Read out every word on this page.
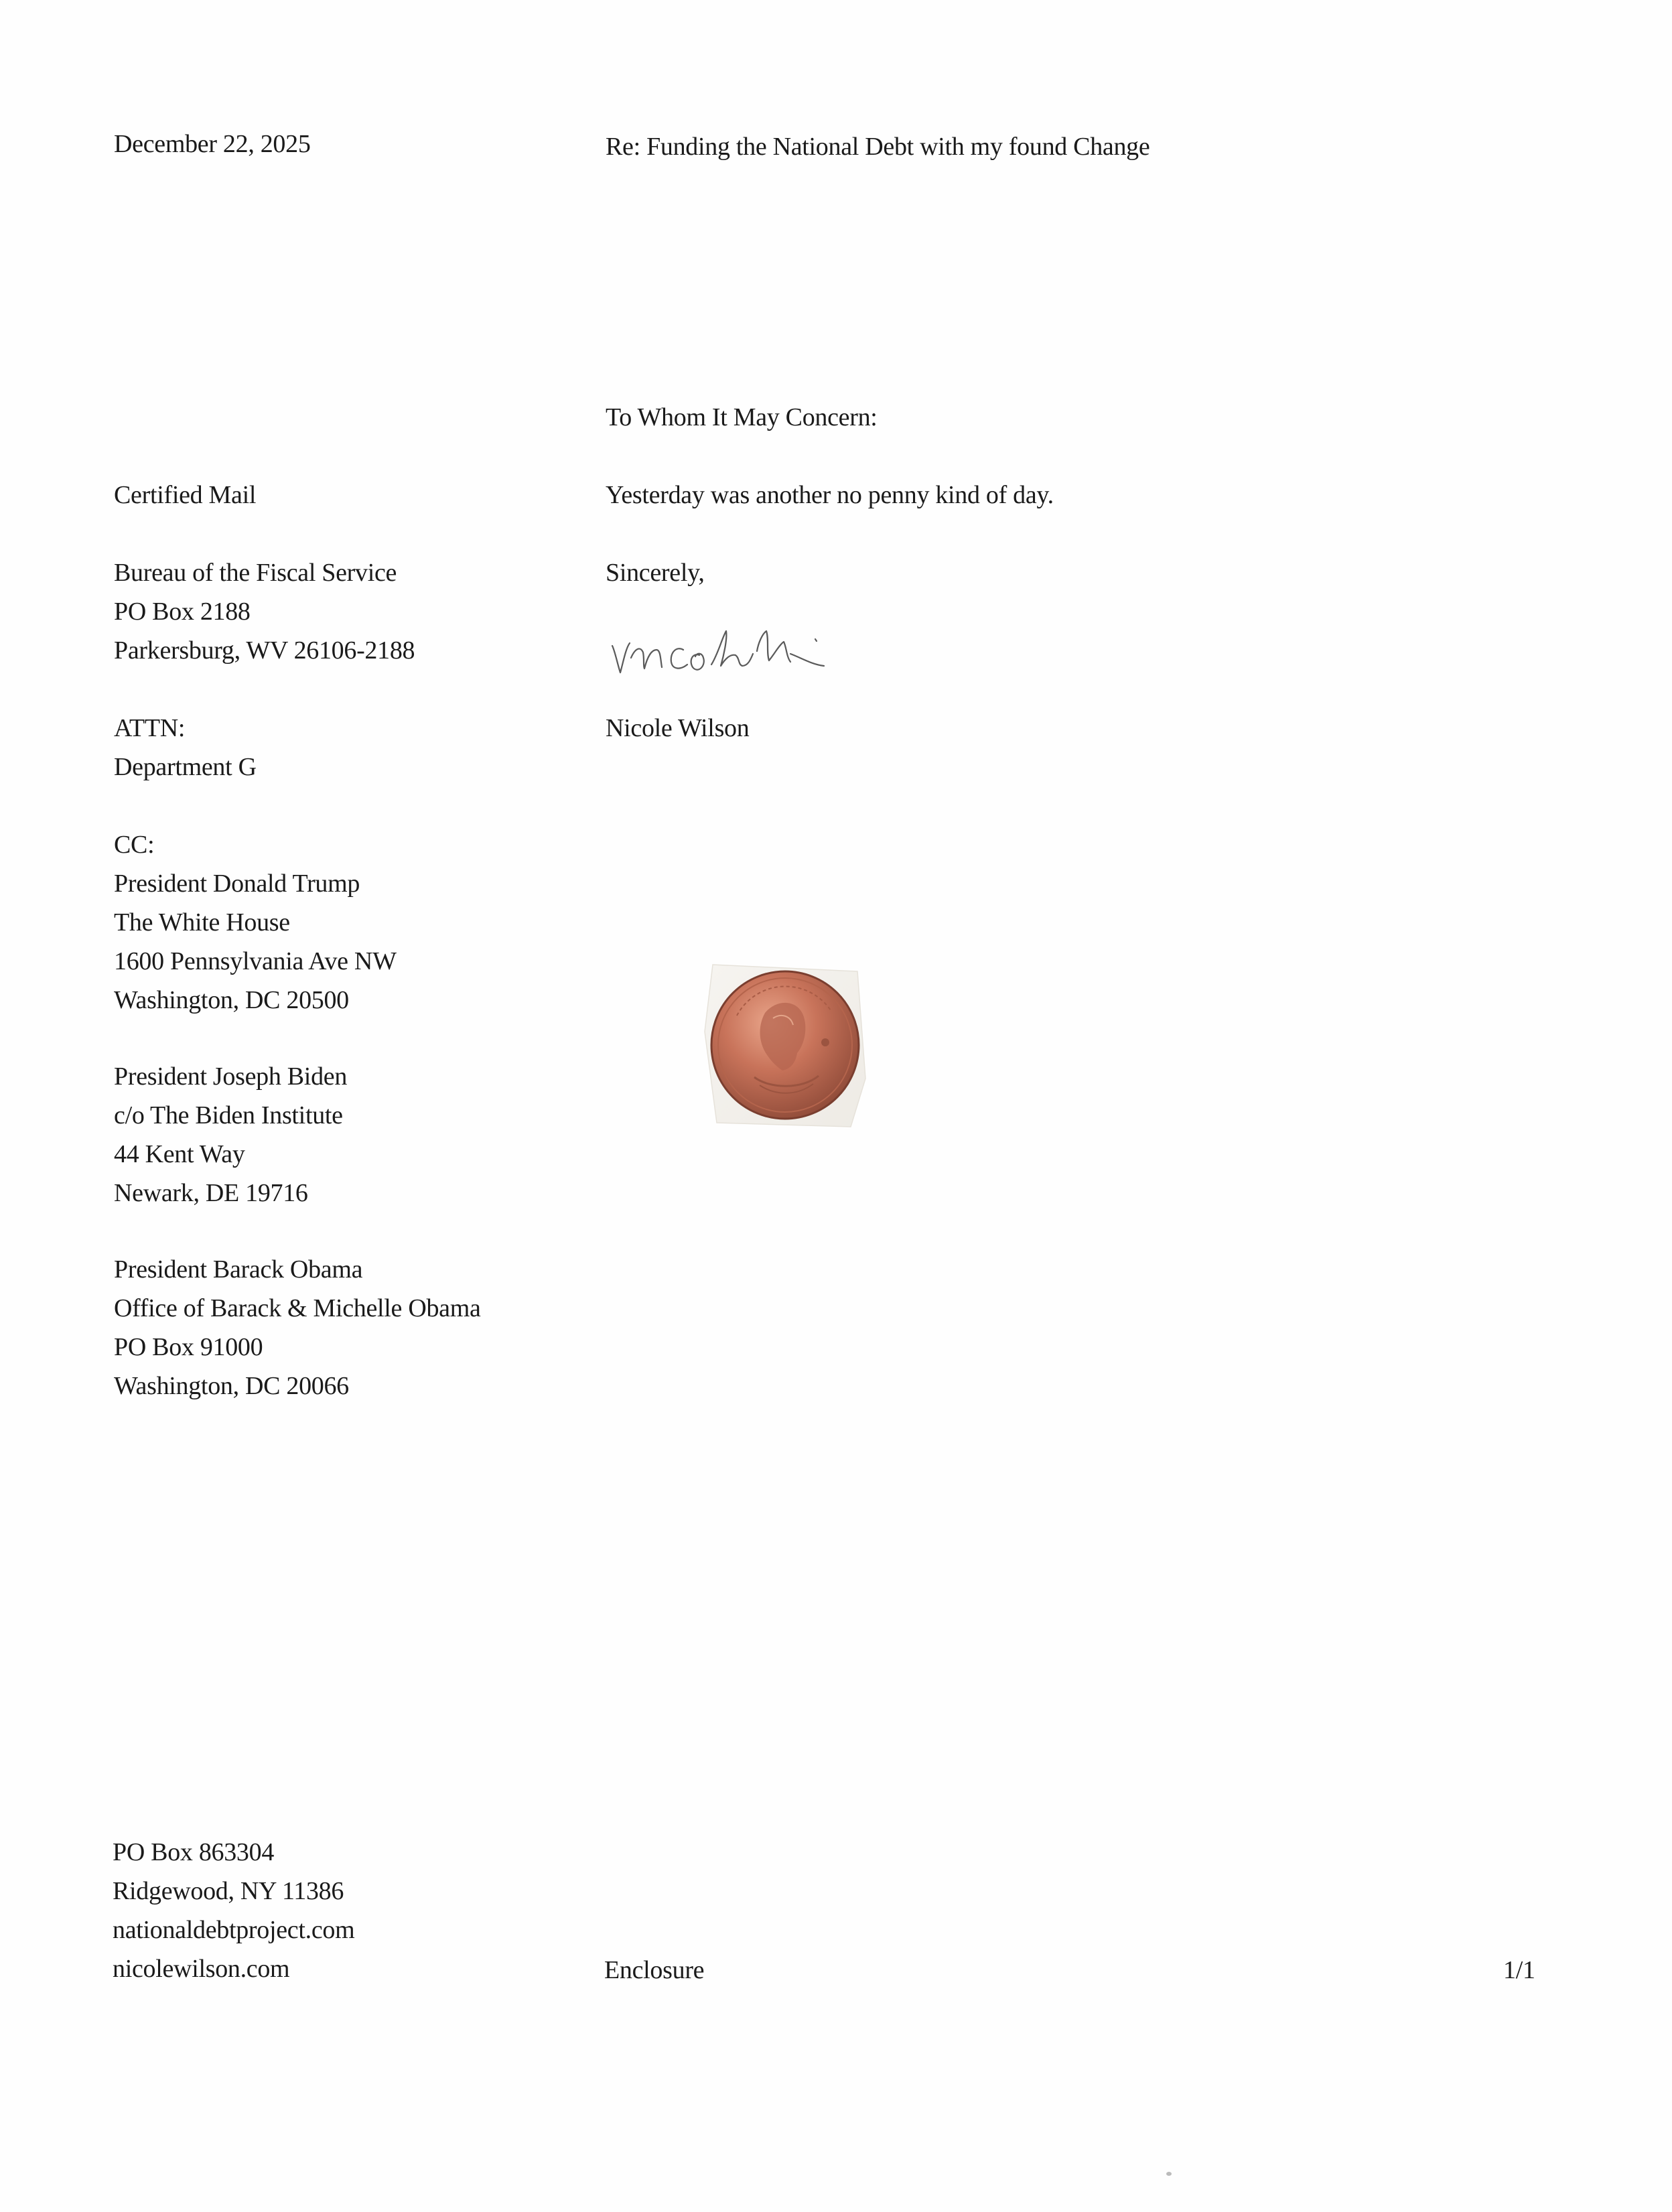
December 22, 2025	Re: Funding the National Debt with my found Change
To Whom It May Concern:
Certified Mail	Yesterday was another no penny kind of day.
Sincerely,
Nicole Wilson
Bureau of the Fiscal Service
PO Box 2188
Parkersburg, WV 26106-2188
ATTN:
Department G
CC:
President Donald Trump
The White House
1600 Pennsylvania Ave NW
Washington, DC 20500
President Joseph Biden
c/o The Biden Institute
44 Kent Way
Newark, DE 19716
President Barack Obama
Office of Barack & Michelle Obama
PO Box 91000
Washington, DC 20066
PO Box 863304
Ridgewood, NY 11386
nationaldebtproject.com
nicolewilson.com	Enclosure	1/1
